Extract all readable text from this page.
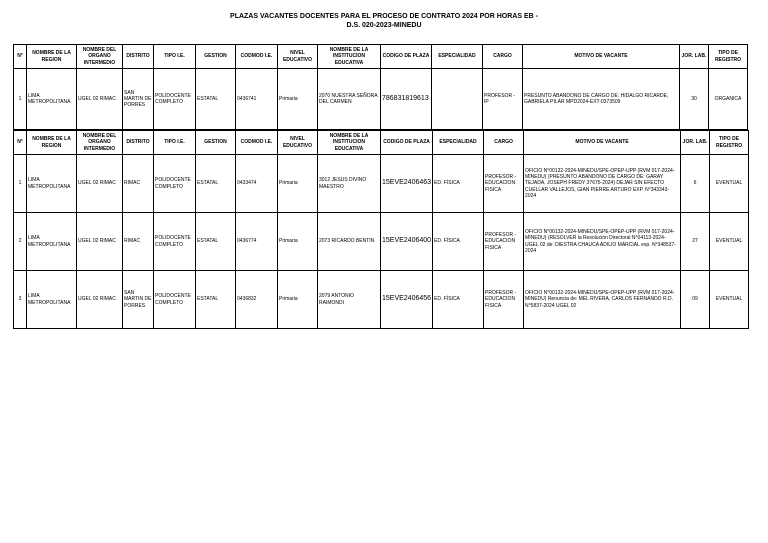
PLAZAS VACANTES DOCENTES PARA EL PROCESO DE CONTRATO 2024 POR HORAS EB -
D.S. 020-2023-MINEDU
N°	NOMBRE DE LA REGION	NOMBRE DEL ORGANO INTERMEDIO	DISTRITO	TIPO I.E.	GESTION	CODMOD I.E.	NIVEL EDUCATIVO	NOMBRE DE LA INSTITUCION EDUCATIVA	CODIGO DE PLAZA	ESPECIALIDAD	CARGO	MOTIVO DE VACANTE	JOR. LAB.	TIPO DE REGISTRO
1	LIMA METROPOLITANA	UGEL 02 RIMAC	SAN MARTIN DE PORRES	POLIDOCENTE COMPLETO	ESTATAL	0436741	Primaria	2070 NUESTRA SEÑORA DEL CARMEN	786831819613		PROFESOR - IP	PRESUNTO ABANDONO DE CARGO DE: HIDALGO RICARDE, GABRIELA PILAR MPD2024-EXT-0373509	30	ORGANICA
N°	NOMBRE DE LA REGION	NOMBRE DEL ORGANO INTERMEDIO	DISTRITO	TIPO I.E.	GESTION	CODMOD I.E.	NIVEL EDUCATIVO	NOMBRE DE LA INSTITUCION EDUCATIVA	CODIGO DE PLAZA	ESPECIALIDAD	CARGO	MOTIVO DE VACANTE	JOR. LAB.	TIPO DE REGISTRO
1	LIMA METROPOLITANA	UGEL 02 RIMAC	RIMAC	POLIDOCENTE COMPLETO	ESTATAL	0433474	Primaria	3012 JESUS DIVINO MAESTRO	15EVE2406463	ED. FÍSICA	PROFESOR - EDUCACION FISICA	OFICIO N°00132-2024-MINEDU/SPE-OPEP-UPP (RVM 017-2024-MINEDU) (PRESUNTO ABANDONO DE CARGO DE: GARAY TEJADA, JOSEPH FREDY 37675-2024) DEJAR SIN EFECTO CUELLAR VALLEJOS, GIAN PIERRE ARTURO EXP. N°343343-2024	6	EVENTUAL
2	LIMA METROPOLITANA	UGEL 02 RIMAC	RIMAC	POLIDOCENTE COMPLETO	ESTATAL	0436774	Primaria	2073 RICARDO BENTIN	15EVE2406400	ED. FÍSICA	PROFESOR - EDUCACION FISICA	OFICIO N°00132-2024-MINEDU/SPE-OPEP-UPP (RVM 017-2024-MINEDU) (RESOLVER la Resolución Directoral N°04113-2024-UGEL 02 de: DIESTRA CHAUCA ADILIO MARCIAL exp. N°348537-2024	27	EVENTUAL
3	LIMA METROPOLITANA	UGEL 02 RIMAC	SAN MARTIN DE PORRES	POLIDOCENTE COMPLETO	ESTATAL	0436832	Primaria	2079 ANTONIO RAIMONDI	15EVE2406456	ED. FÍSICA	PROFESOR - EDUCACION FISICA	OFICIO N°00132-2024-MINEDU/SPE-OPEP-UPP (RVM 017-2024-MINEDU) Renuncia de: MEL RIVERA, CARLOS FERNANDO R.D. N°5837-2024 UGEL 02	09	EVENTUAL
